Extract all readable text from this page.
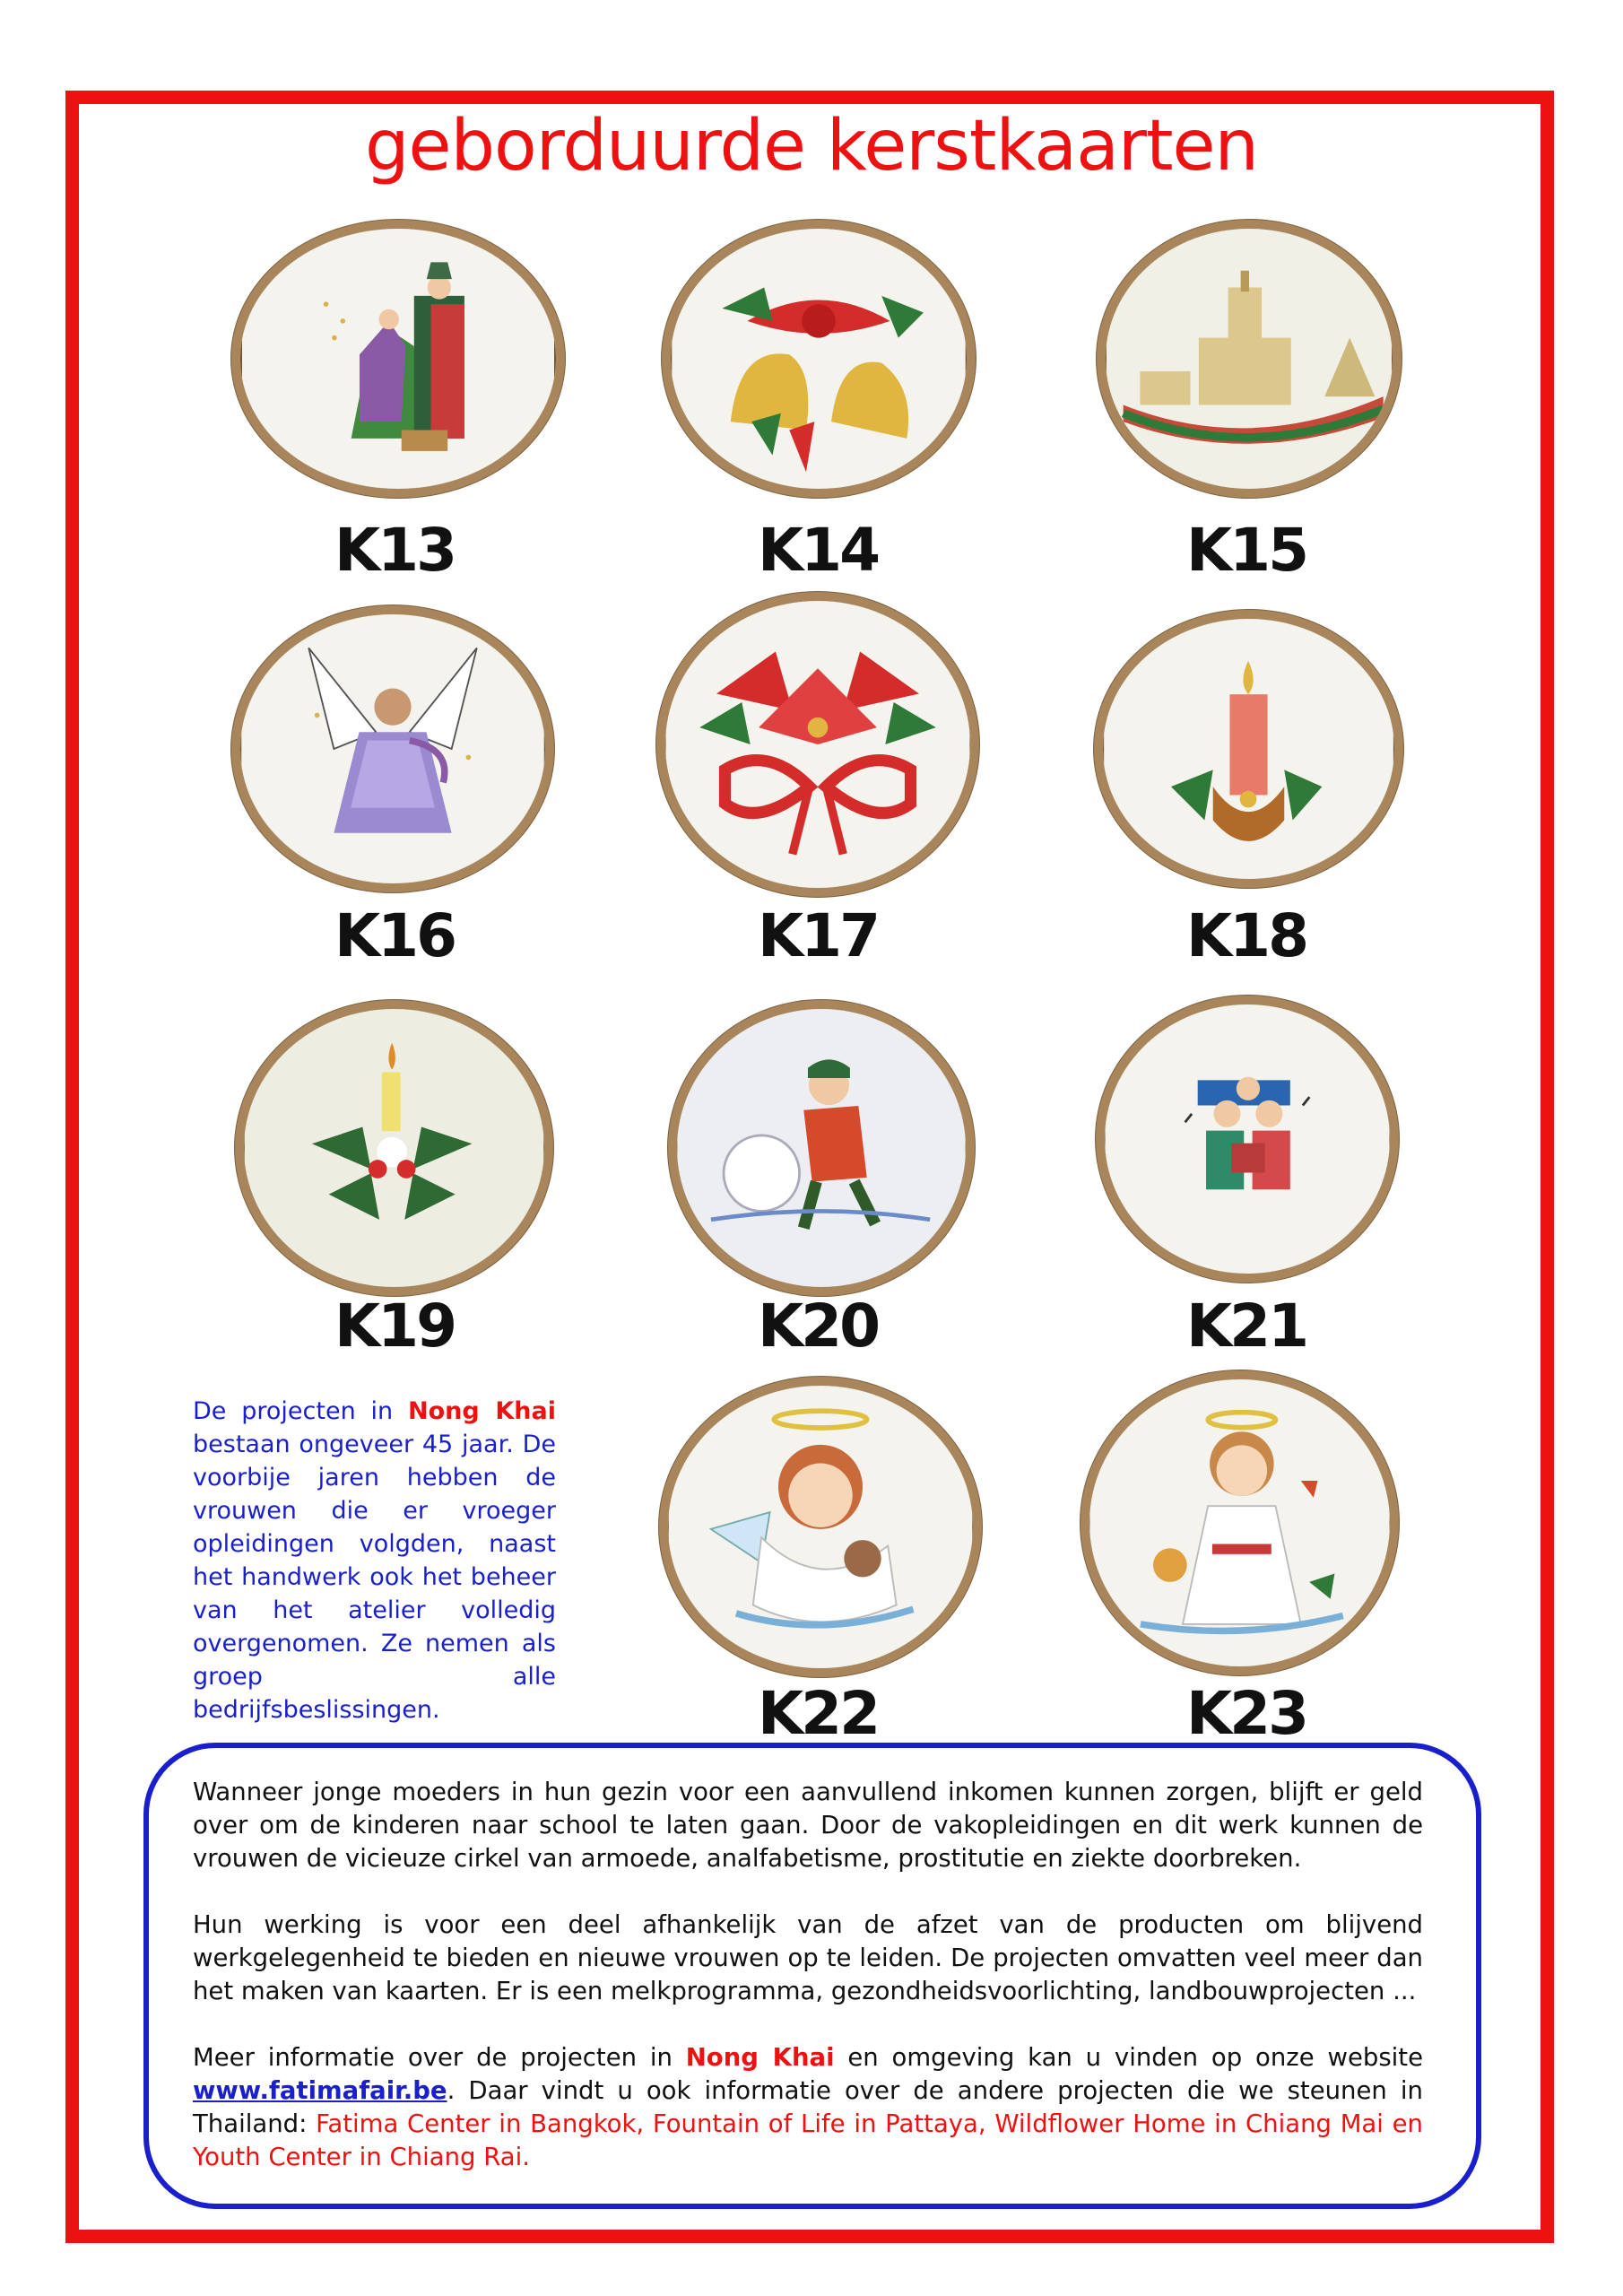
geborduurde kerstkaarten
K13	K14	K15
K16	K17	K18
K19	K20	K21
K22	K23
De projecten in Nong Khai bestaan ongeveer 45 jaar. De voorbije jaren hebben de vrouwen die er vroeger opleidingen volgden, naast het handwerk ook het beheer van het atelier volledig overgenomen. Ze nemen als groep alle bedrijfsbeslissingen.

Wanneer jonge moeders in hun gezin voor een aanvullend inkomen kunnen zorgen, blijft er geld over om de kinderen naar school te laten gaan. Door de vakopleidingen en dit werk kunnen de vrouwen de vicieuze cirkel van armoede, analfabetisme, prostitutie en ziekte doorbreken.

Hun werking is voor een deel afhankelijk van de afzet van de producten om blijvend werkgelegenheid te bieden en nieuwe vrouwen op te leiden. De projecten omvatten veel meer dan het maken van kaarten. Er is een melkprogramma, gezondheidsvoorlichting, landbouwprojecten ...

Meer informatie over de projecten in Nong Khai en omgeving kan u vinden op onze website www.fatimafair.be. Daar vindt u ook informatie over de andere projecten die we steunen in Thailand: Fatima Center in Bangkok, Fountain of Life in Pattaya, Wildflower Home in Chiang Mai en Youth Center in Chiang Rai.
